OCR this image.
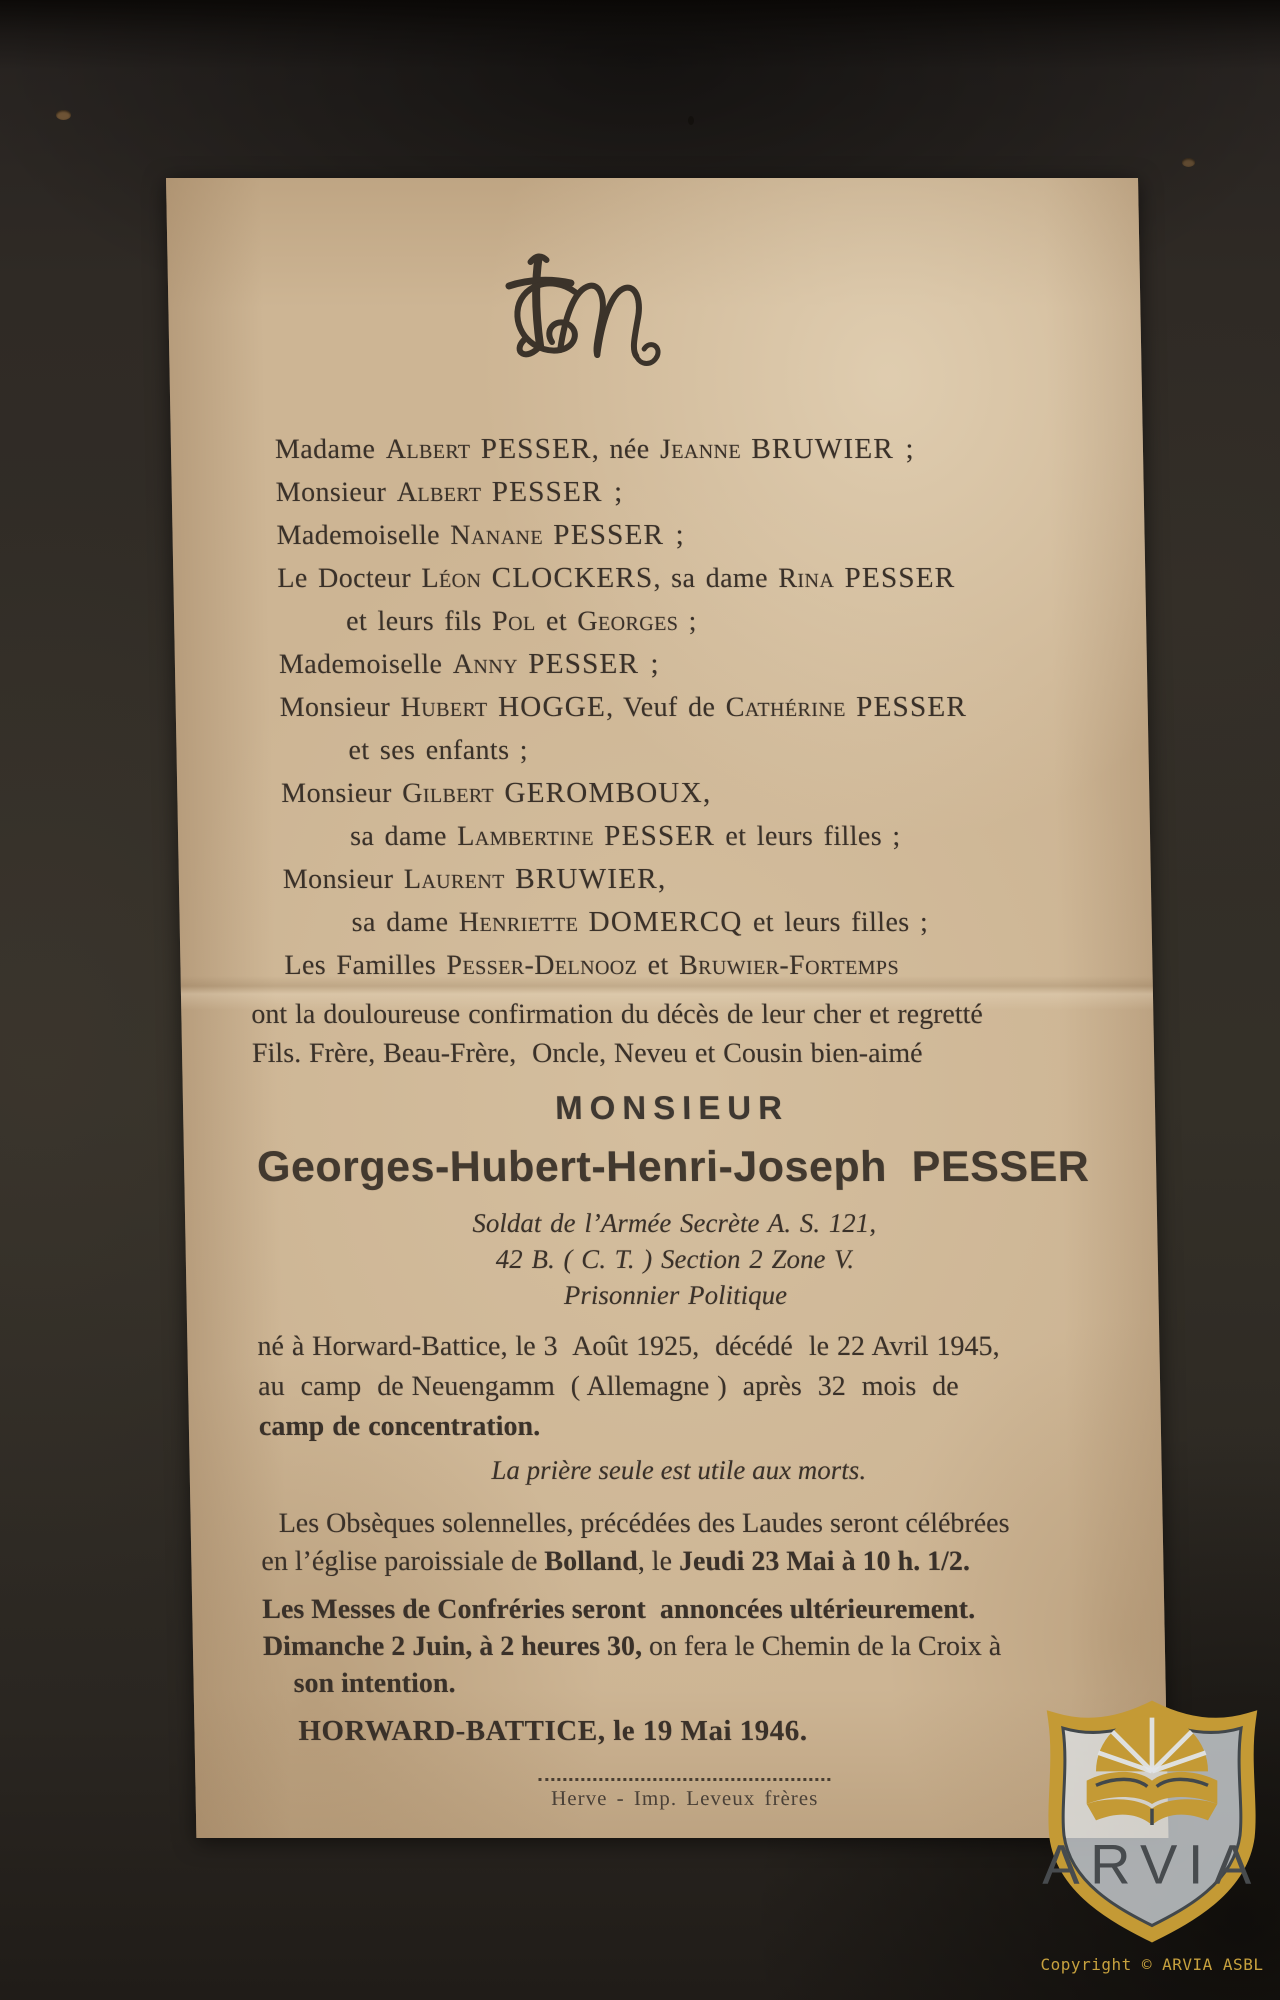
Madame Albert PESSER, née Jeanne BRUWIER ;
Monsieur Albert PESSER ;
Mademoiselle Nanane PESSER ;
Le Docteur Léon CLOCKERS, sa dame Rina PESSER
et leurs fils Pol et Georges ;
Mademoiselle Anny PESSER ;
Monsieur Hubert HOGGE, Veuf de Cathérine PESSER
et ses enfants ;
Monsieur Gilbert GEROMBOUX,
sa dame Lambertine PESSER et leurs filles ;
Monsieur Laurent BRUWIER,
sa dame Henriette DOMERCQ et leurs filles ;
Les Familles Pesser-Delnooz et Bruwier-Fortemps
ont la douloureuse confirmation du décès de leur cher et regretté
Fils. Frère, Beau-Frère,  Oncle, Neveu et Cousin bien-aimé
MONSIEUR
Georges-Hubert-Henri-Joseph  PESSER
Soldat de l’Armée Secrète A. S. 121,
42 B. ( C. T. ) Section 2 Zone V.
Prisonnier Politique
né à Horward-Battice, le 3  Août 1925,  décédé  le 22 Avril 1945,
au  camp  de Neuengamm  ( Allemagne )  après  32  mois  de
camp de concentration.
La prière seule est utile aux morts.
Les Obsèques solennelles, précédées des Laudes seront célébrées
en l’église paroissiale de Bolland, le Jeudi 23 Mai à 10 h. 1/2.
Les Messes de Confréries seront  annoncées ultérieurement.
Dimanche 2 Juin, à 2 heures 30, on fera le Chemin de la Croix à
son intention.
HORWARD-BATTICE, le 19 Mai 1946.
Herve - Imp. Leveux frères
ARVIA
Copyright © ARVIA ASBL
